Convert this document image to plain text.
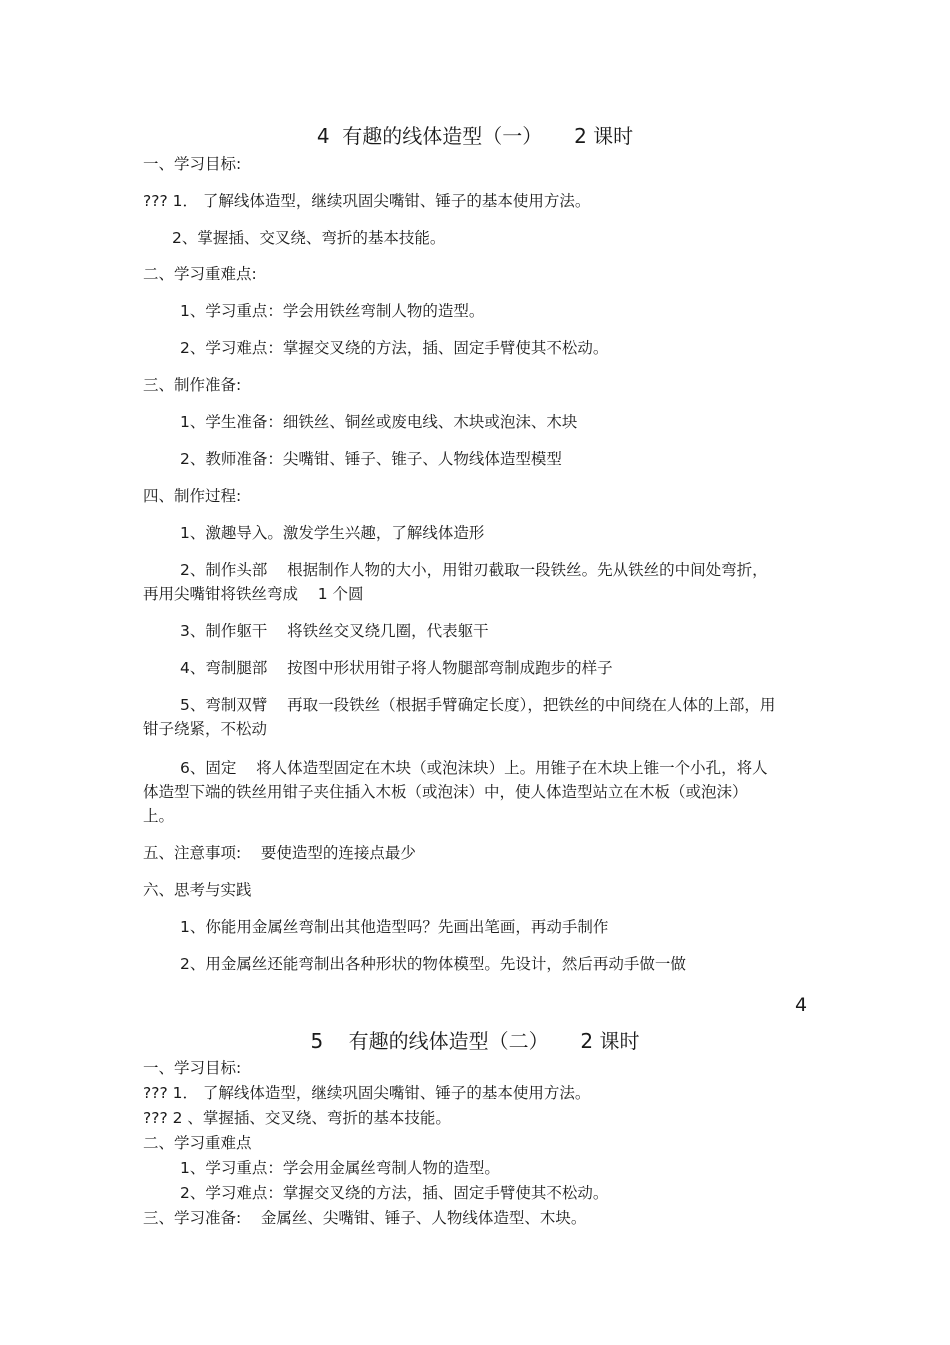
4  有趣的线体造型（一）     2 课时

一、学习目标:

??? 1． 了解线体造型，继续巩固尖嘴钳、锤子的基本使用方法。

2、掌握插、交叉绕、弯折的基本技能。

二、学习重难点:

1、学习重点：学会用铁丝弯制人物的造型。

2、学习难点：掌握交叉绕的方法，插、固定手臂使其不松动。

三、制作准备:

1、学生准备：细铁丝、铜丝或废电线、木块或泡沫、木块

2、教师准备：尖嘴钳、锤子、锥子、人物线体造型模型

四、制作过程:

1、激趣导入。激发学生兴趣，了解线体造形

2、制作头部    根据制作人物的大小，用钳刃截取一段铁丝。先从铁丝的中间处弯折，再用尖嘴钳将铁丝弯成    1 个圆

3、制作躯干    将铁丝交叉绕几圈，代表躯干

4、弯制腿部    按图中形状用钳子将人物腿部弯制成跑步的样子

5、弯制双臂    再取一段铁丝（根据手臂确定长度），把铁丝的中间绕在人体的上部，用钳子绕紧，不松动

6、固定    将人体造型固定在木块（或泡沫块）上。用锥子在木块上锥一个小孔，将人体造型下端的铁丝用钳子夹住插入木板（或泡沫）中，使人体造型站立在木板（或泡沫）上。

五、注意事项:    要使造型的连接点最少

六、思考与实践

1、你能用金属丝弯制出其他造型吗？先画出笔画，再动手制作

2、用金属丝还能弯制出各种形状的物体模型。先设计，然后再动手做一做

4
5    有趣的线体造型（二）     2 课时

一、学习目标:

??? 1． 了解线体造型，继续巩固尖嘴钳、锤子的基本使用方法。

??? 2 、掌握插、交叉绕、弯折的基本技能。

二、学习重难点

1、学习重点：学会用金属丝弯制人物的造型。

2、学习难点：掌握交叉绕的方法，插、固定手臂使其不松动。

三、学习准备:    金属丝、尖嘴钳、锤子、人物线体造型、木块。
